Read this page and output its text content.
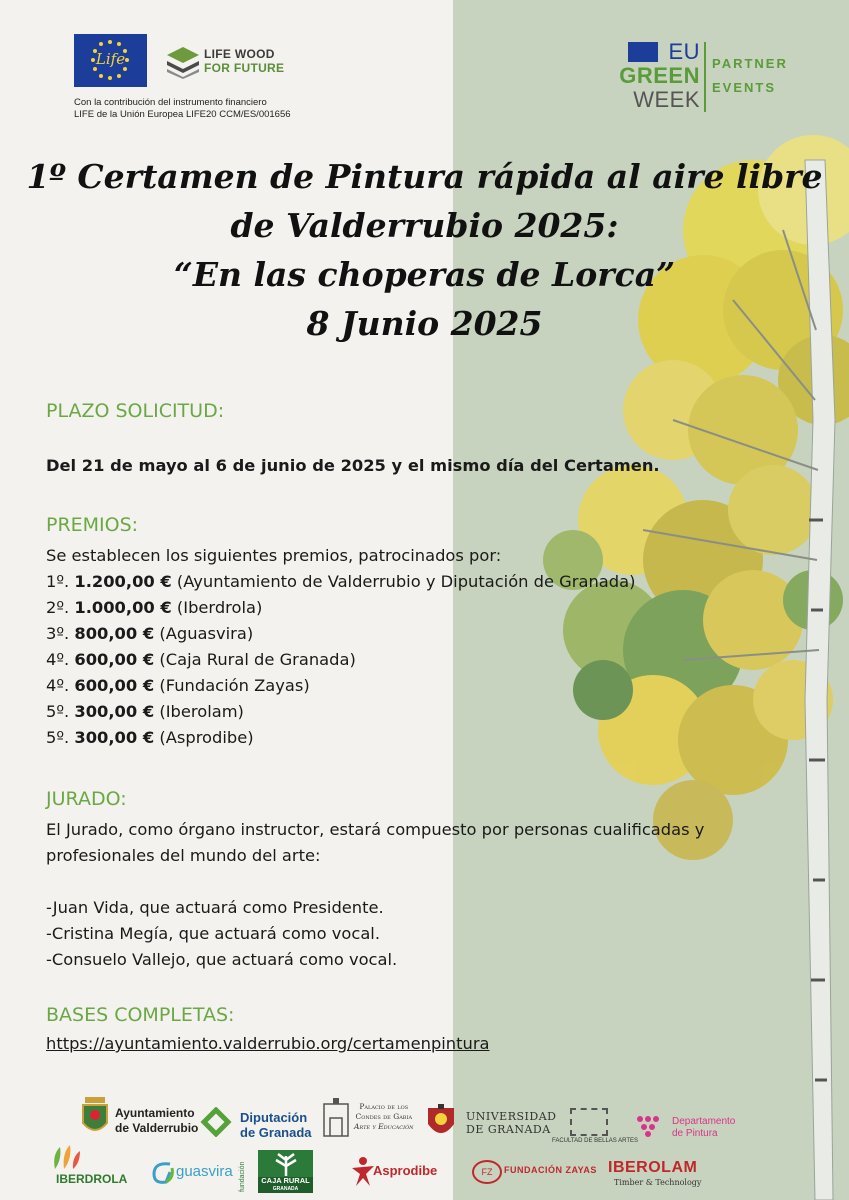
Life	LIFE WOOD
FOR FUTURE
Con la contribución del instrumento financiero
LIFE de la Unión Europea LIFE20 CCM/ES/001656
EU
GREEN
WEEK
PARTNER
EVENTS
1º Certamen de Pintura rápida al aire libre
de Valderrubio 2025:
“En las choperas de Lorca”
8 Junio 2025
PLAZO SOLICITUD:
Del 21 de mayo al 6 de junio de 2025 y el mismo día del Certamen.
PREMIOS:
Se establecen los siguientes premios, patrocinados por:
1º. 1.200,00 € (Ayuntamiento de Valderrubio y Diputación de Granada)
2º. 1.000,00 € (Iberdrola)
3º. 800,00 € (Aguasvira)
4º. 600,00 € (Caja Rural de Granada)
4º. 600,00 € (Fundación Zayas)
5º. 300,00 € (Iberolam)
5º. 300,00 € (Asprodibe)
JURADO:
El Jurado, como órgano instructor, estará compuesto por personas cualificadas y
profesionales del mundo del arte:
-Juan Vida, que actuará como Presidente.
-Cristina Megía, que actuará como vocal.
-Consuelo Vallejo, que actuará como vocal.
BASES COMPLETAS:
https://ayuntamiento.valderrubio.org/certamenpintura
Ayuntamiento
de Valderrubio
Diputación
de Granada
Palacio de los
Condes de Gabia
Arte y Educación
UNIVERSIDAD
DE GRANADA
FACULTAD DE BELLAS ARTES
Departamento
de Pintura
IBERDROLA	guasvira
CAJA RURAL
GRANADA
fundación	Asprodibe	FZ	FUNDACIÓN ZAYAS IBEROLAM
Timber & Technology
